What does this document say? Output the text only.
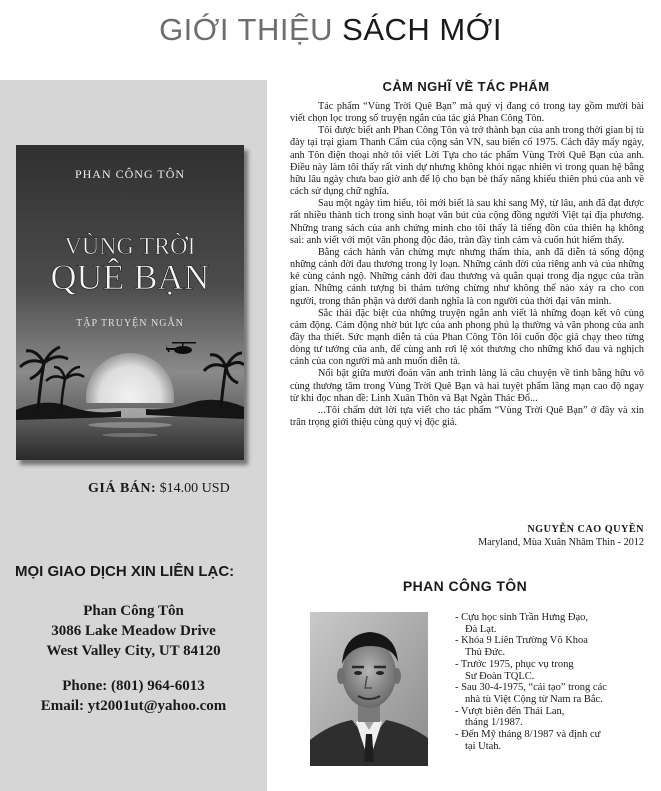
GIỚI THIỆU SÁCH MỚI
PHAN CÔNG TÔN
VÙNG TRỜI
QUÊ BẠN
TẬP TRUYỆN NGẮN
GIÁ BÁN: $14.00 USD
MỌI GIAO DỊCH XIN LIÊN LẠC:
Phan Công Tôn
3086 Lake Meadow Drive
West Valley City, UT 84120
Phone: (801) 964-6013
Email: yt2001ut@yahoo.com
CẢM NGHĨ VỀ TÁC PHẨM

Tác phẩm “Vùng Trời Quê Bạn” mà quý vị đang có trong tay gồm mười bài viết chọn lọc trong số truyện ngắn của tác giả Phan Công Tôn.

Tôi được biết anh Phan Công Tôn và trở thành bạn của anh trong thời gian bị tù đày tại trại giam Thanh Cẩm của cộng sản VN, sau biến cố 1975. Cách đây mấy ngày, anh Tôn điện thoại nhờ tôi viết Lời Tựa cho tác phẩm Vùng Trời Quê Bạn của anh. Điều này làm tôi thấy rất vinh dự nhưng không khỏi ngạc nhiên vì trong quan hệ bằng hữu lâu ngày chưa bao giờ anh để lộ cho bạn bè thấy năng khiếu thiên phú của anh về cách sử dụng chữ nghĩa.

Sau một ngày tìm hiểu, tôi mới biết là sau khi sang Mỹ, từ lâu, anh đã đạt được rất nhiều thành tích trong sinh hoạt văn bút của cộng đồng người Việt tại địa phương. Những trang sách của anh chứng minh cho tôi thấy là tiếng đồn của thiên hạ không sai: anh viết với một văn phong độc đáo, tràn đầy tình cảm và cuốn hút hiếm thấy.

Bằng cách hành văn chừng mực nhưng thấm thía, anh đã diễn tả sống động những cảnh đời đau thương trong ly loạn. Những cảnh đời của riêng anh và của những kẻ cùng cảnh ngộ. Những cảnh đời đau thương và quằn quại trong địa ngục của trần gian. Những cảnh tượng bi thảm tưởng chừng như không thể nào xảy ra cho con người, trong thân phận và dưới danh nghĩa là con người của thời đại văn minh.

Sắc thái đặc biệt của những truyện ngắn anh viết là những đoạn kết vô cùng cảm động. Cảm động nhờ bút lực của anh phong phú lạ thường và văn phong của anh đầy tha thiết. Sức mạnh diễn tả của Phan Công Tôn lôi cuốn độc giả chạy theo từng dòng tư tưởng của anh, để cùng anh rơi lệ xót thương cho những khổ đau và nghịch cảnh của con người mà anh muốn diễn tả.

Nổi bật giữa mười đoản văn anh trình làng là câu chuyện về tình bằng hữu vô cùng thương tâm trong Vùng Trời Quê Bạn và hai tuyệt phẩm lãng mạn cao độ ngay từ khi đọc nhan đề: Linh Xuân Thôn và Bạt Ngàn Thác Đổ...

...Tôi chấm dứt lời tựa viết cho tác phẩm “Vùng Trời Quê Bạn” ở đây và xin trân trọng giới thiệu cùng quý vị độc giả.

NGUYỄN CAO QUYỀN
Maryland, Mùa Xuân Nhâm Thìn - 2012
PHAN CÔNG TÔN
- Cựu học sinh Trần Hưng Đạo,
Đà Lạt.
- Khóa 9 Liên Trường Võ Khoa
Thủ Đức.
- Trước 1975, phục vụ trong
Sư Đoàn TQLC.
- Sau 30-4-1975, “cải tạo” trong các
nhà tù Việt Cộng từ Nam ra Bắc.
- Vượt biên đến Thái Lan,
tháng 1/1987.
- Đến Mỹ tháng 8/1987 và định cư
tại Utah.
